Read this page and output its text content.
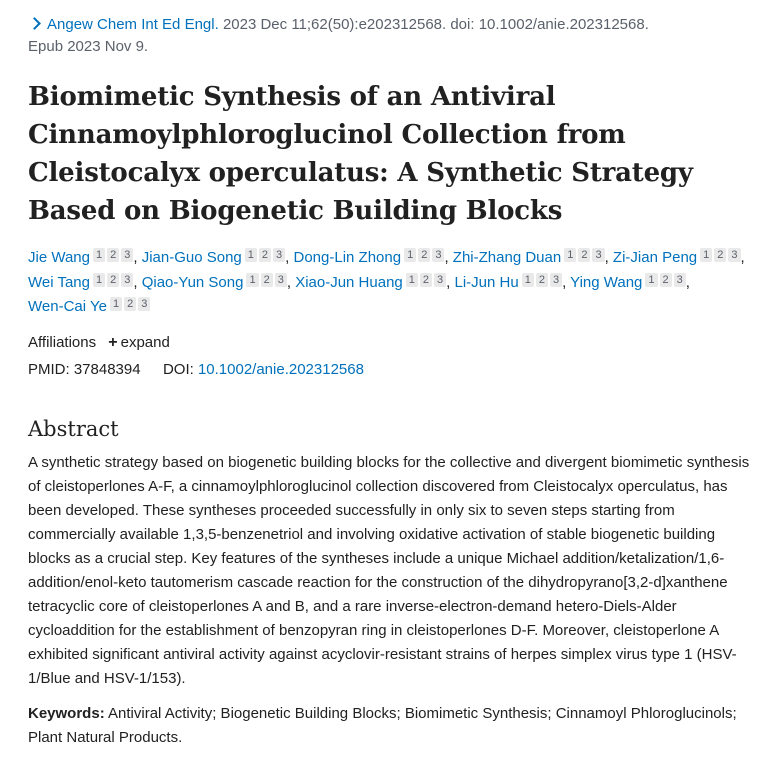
Angew Chem Int Ed Engl. 2023 Dec 11;62(50):e202312568. doi: 10.1002/anie.202312568.
Epub 2023 Nov 9.
Biomimetic Synthesis of an Antiviral Cinnamoylphloroglucinol Collection from Cleistocalyx operculatus: A Synthetic Strategy Based on Biogenetic Building Blocks
Jie Wang 1 2 3 , Jian-Guo Song 1 2 3 , Dong-Lin Zhong 1 2 3 , Zhi-Zhang Duan 1 2 3 , Zi-Jian Peng 1 2 3 , Wei Tang 1 2 3 , Qiao-Yun Song 1 2 3 , Xiao-Jun Huang 1 2 3 , Li-Jun Hu 1 2 3 , Ying Wang 1 2 3 , Wen-Cai Ye 1 2 3
Affiliations + expand
PMID: 37848394 DOI: 10.1002/anie.202312568
Abstract

A synthetic strategy based on biogenetic building blocks for the collective and divergent biomimetic synthesis of cleistoperlones A-F, a cinnamoylphloroglucinol collection discovered from Cleistocalyx operculatus, has been developed. These syntheses proceeded successfully in only six to seven steps starting from commercially available 1,3,5-benzenetriol and involving oxidative activation of stable biogenetic building blocks as a crucial step. Key features of the syntheses include a unique Michael addition/ketalization/1,6-addition/enol-keto tautomerism cascade reaction for the construction of the dihydropyrano[3,2-d]xanthene tetracyclic core of cleistoperlones A and B, and a rare inverse-electron-demand hetero-Diels-Alder cycloaddition for the establishment of benzopyran ring in cleistoperlones D-F. Moreover, cleistoperlone A exhibited significant antiviral activity against acyclovir-resistant strains of herpes simplex virus type 1 (HSV-1/Blue and HSV-1/153).

Keywords: Antiviral Activity; Biogenetic Building Blocks; Biomimetic Synthesis; Cinnamoyl Phloroglucinols; Plant Natural Products.
